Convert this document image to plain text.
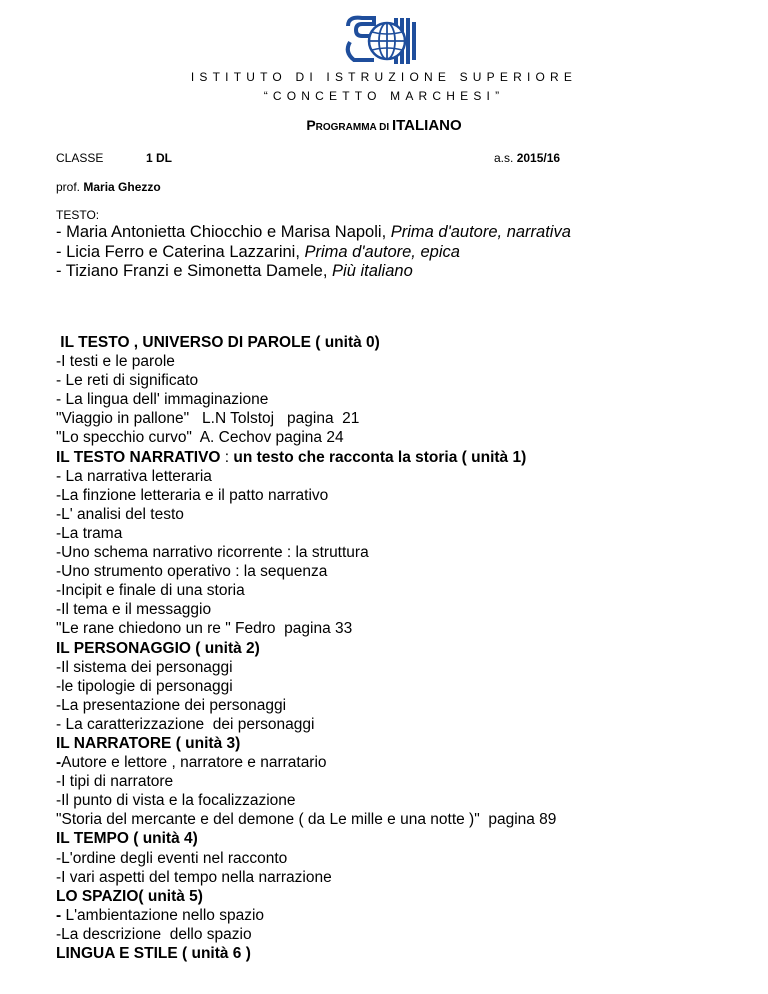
ISTITUTO DI ISTRUZIONE SUPERIORE
“CONCETTO MARCHESI”
PROGRAMMA DI ITALIANO
CLASSE	1 DL	a.s. 2015/16
prof. Maria Ghezzo
TESTO:
- Maria Antonietta Chiocchio e Marisa Napoli, Prima d'autore, narrativa
- Licia Ferro e Caterina Lazzarini, Prima d'autore, epica
- Tiziano Franzi e Simonetta Damele, Più italiano
IL TESTO , UNIVERSO DI PAROLE ( unità 0)
-I testi e le parole
- Le reti di significato
- La lingua dell' immaginazione
"Viaggio in pallone"   L.N Tolstoj   pagina  21
"Lo specchio curvo"  A. Cechov pagina 24
IL TESTO NARRATIVO : un testo che racconta la storia ( unità 1)
- La narrativa letteraria
-La finzione letteraria e il patto narrativo
-L' analisi del testo
-La trama
-Uno schema narrativo ricorrente : la struttura
-Uno strumento operativo : la sequenza
-Incipit e finale di una storia
-Il tema e il messaggio
"Le rane chiedono un re " Fedro  pagina 33
IL PERSONAGGIO ( unità 2)
-Il sistema dei personaggi
-le tipologie di personaggi
-La presentazione dei personaggi
- La caratterizzazione  dei personaggi
IL NARRATORE ( unità 3)
-Autore e lettore , narratore e narratario
-I tipi di narratore
-Il punto di vista e la focalizzazione
"Storia del mercante e del demone ( da Le mille e una notte )"  pagina 89
IL TEMPO ( unità 4)
-L'ordine degli eventi nel racconto
-I vari aspetti del tempo nella narrazione
LO SPAZIO( unità 5)
- L'ambientazione nello spazio
-La descrizione  dello spazio
LINGUA E STILE ( unità 6 )
